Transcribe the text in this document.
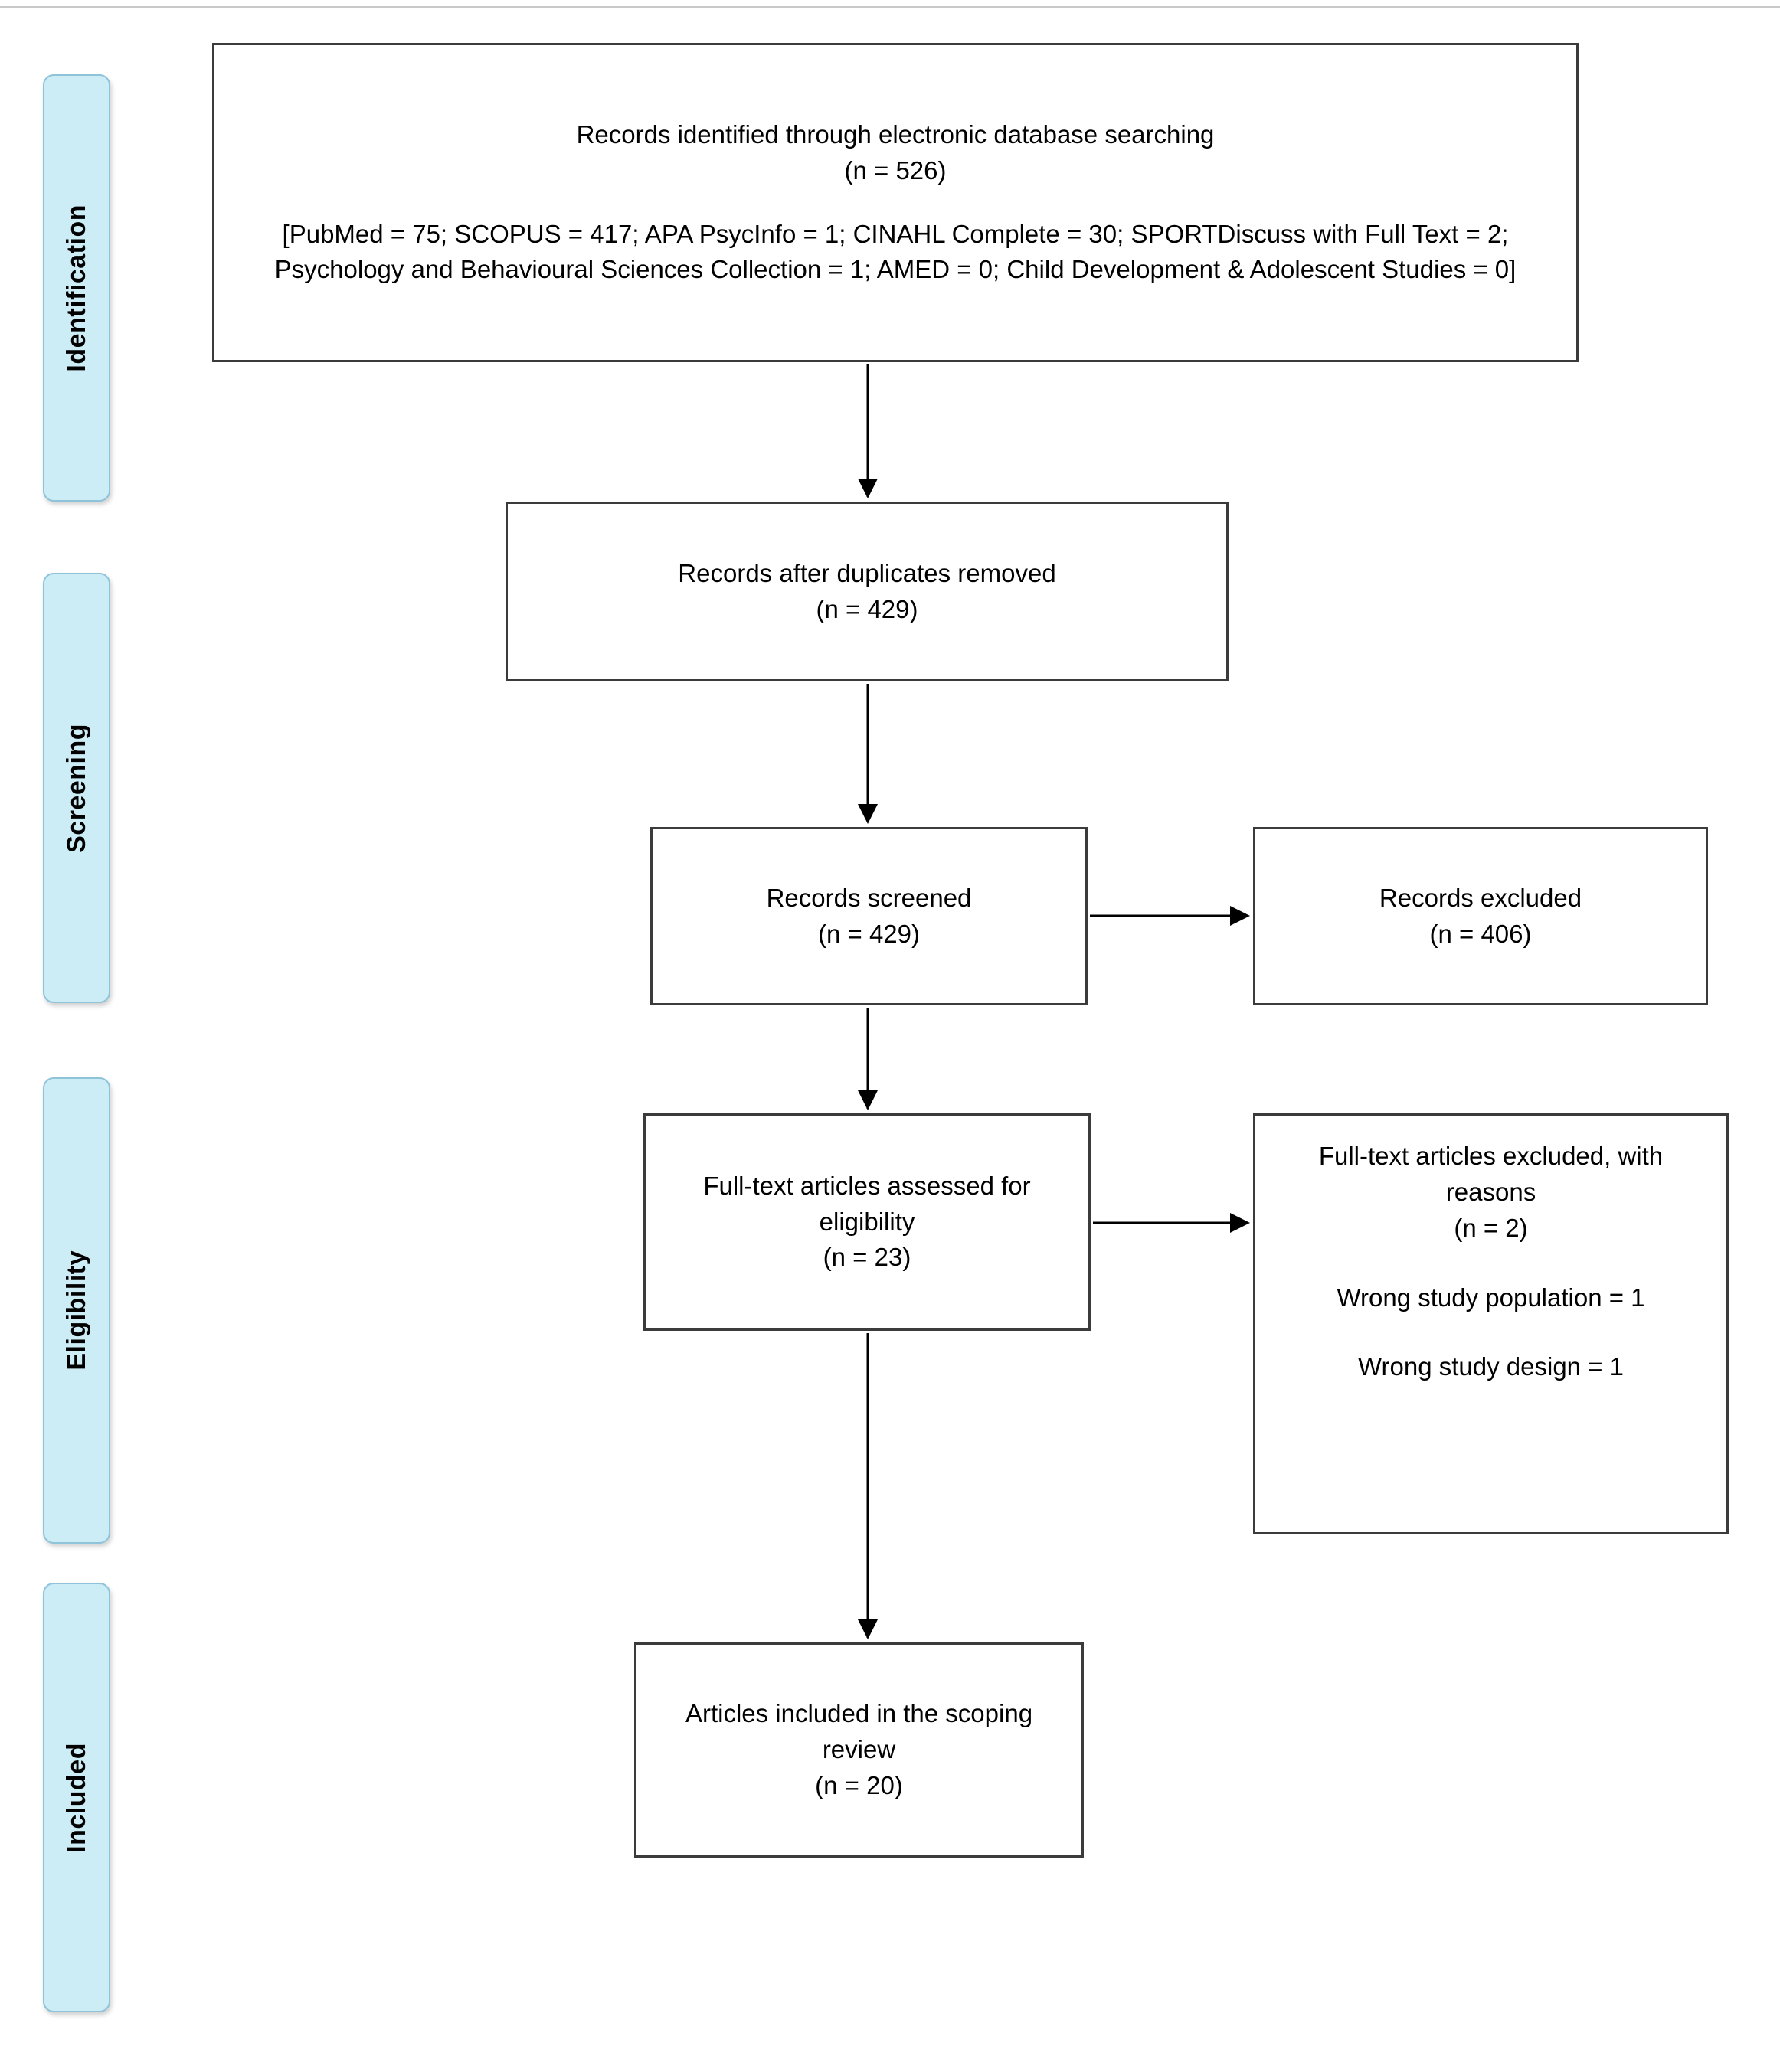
Identification
Screening
Eligibility
Included

Records identified through electronic database searching

(n = 526)

[PubMed = 75; SCOPUS = 417; APA PsycInfo = 1; CINAHL Complete = 30; SPORTDiscuss with Full Text = 2; Psychology and Behavioural Sciences Collection = 1; AMED = 0; Child Development & Adolescent Studies = 0]

Records after duplicates removed

(n = 429)

Records screened

(n = 429)

Records excluded

(n = 406)

Full-text articles assessed for eligibility

(n = 23)

Full-text articles excluded, with reasons

(n = 2)

Wrong study population = 1

Wrong study design = 1

Articles included in the scoping review

(n = 20)
